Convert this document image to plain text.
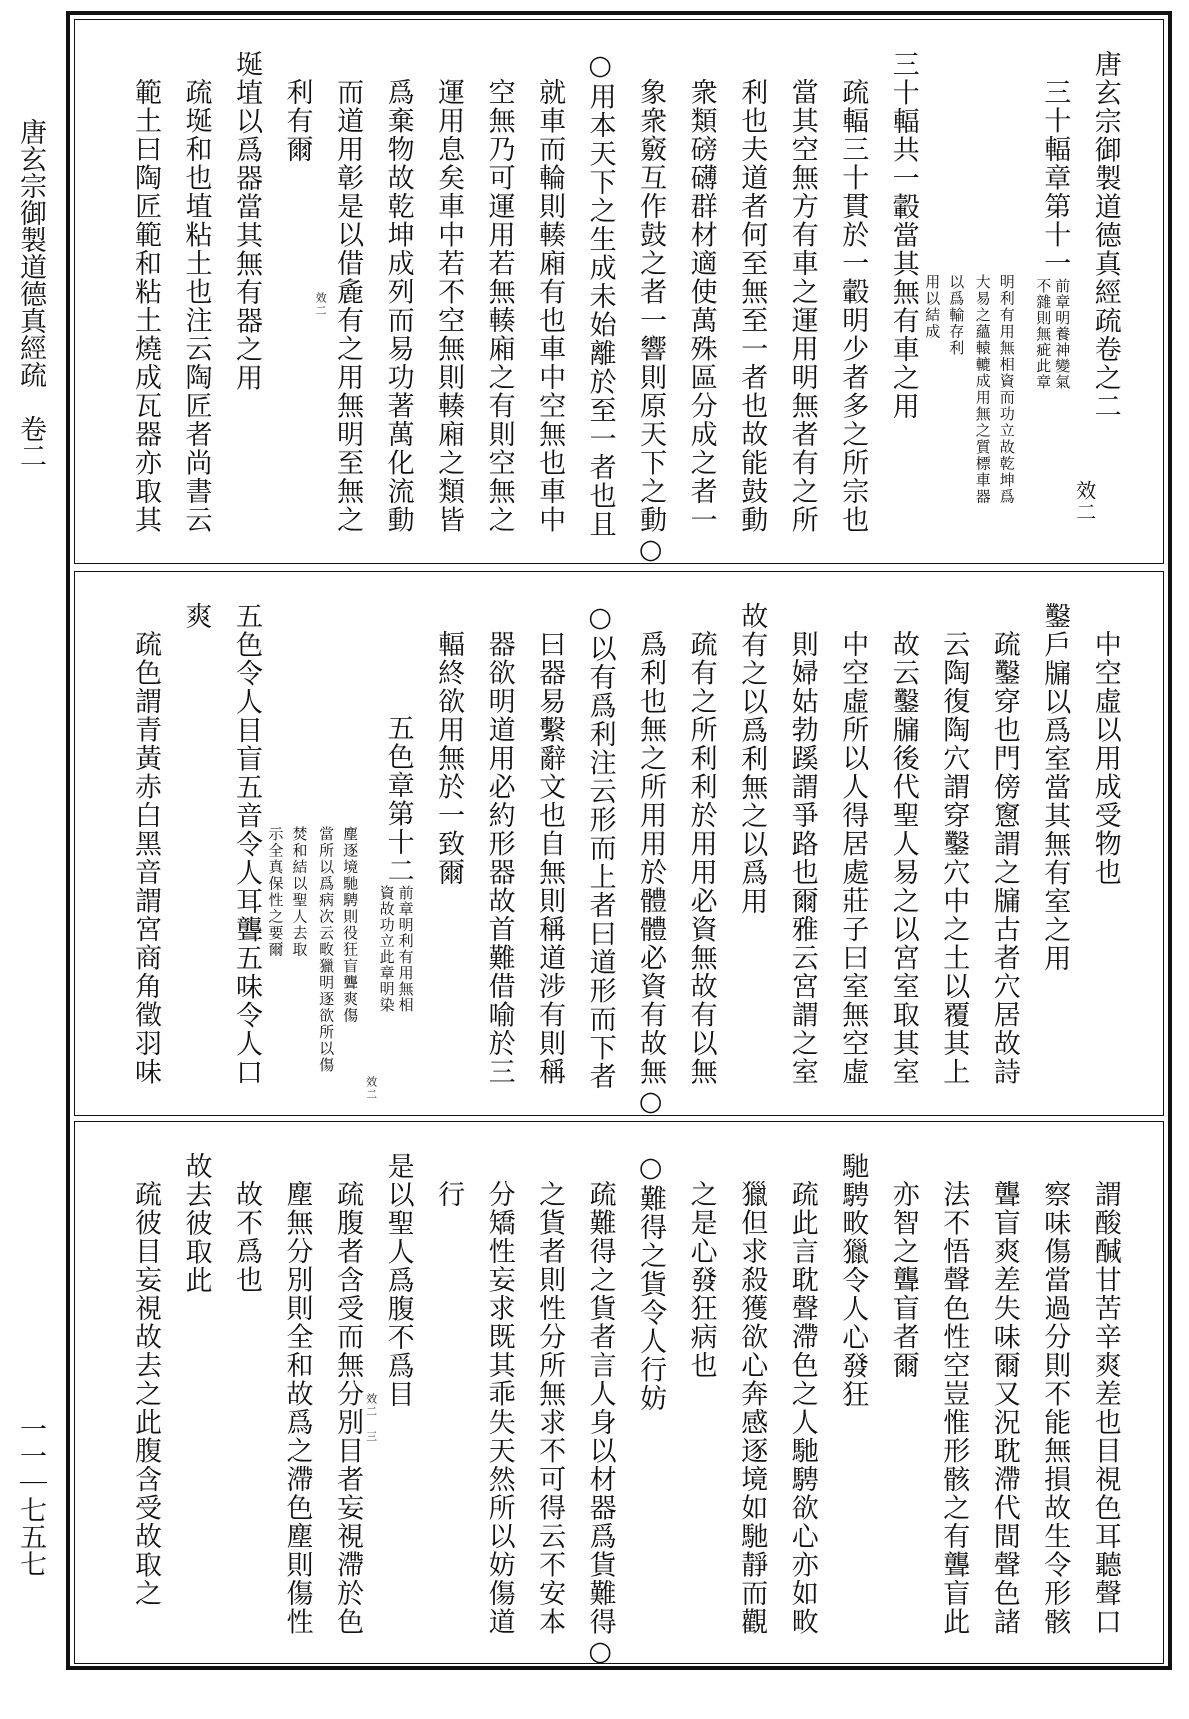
唐玄宗御製道德真經疏　卷二
一一｜七五七
唐玄宗御製道德真經疏卷之二
效二
三十輻章第十一
前章明養神變氣
不雜則無疵此章
明利有用無相資而功立故乾坤爲
大易之蘊轅轆成用無之質標車器
以爲輸存利
用以結成
三十輻共一轂當其無有車之用
疏輻三十貫於一轂明少者多之所宗也
當其空無方有車之運用明無者有之所
利也夫道者何至無至一者也故能鼓動
衆類磅礴群材適使萬殊區分成之者一
象衆竅互作鼓之者一響則原天下之動○
○用本天下之生成未始離於至一者也且
就車而輪則輳廂有也車中空無也車中
空無乃可運用若無輳廂之有則空無之
運用息矣車中若不空無則輳廂之類皆
爲棄物故乾坤成列而易功著萬化流動
而道用彰是以借麁有之用無明至無之
效二
利有爾
埏埴以爲器當其無有器之用
疏埏和也埴粘土也注云陶匠者尚書云
範土曰陶匠範和粘土燒成瓦器亦取其
中空虛以用成受物也
鑿戶牖以爲室當其無有室之用
疏鑿穿也門傍窻謂之牖古者穴居故詩
云陶復陶穴謂穿鑿穴中之土以覆其上
故云鑿牖後代聖人易之以宮室取其室
中空虛所以人得居處莊子曰室無空虛
則婦姑勃蹊謂爭路也爾雅云宮謂之室
故有之以爲利無之以爲用
疏有之所利利於用用必資無故有以無
爲利也無之所用用於體體必資有故無○
○以有爲利注云形而上者曰道形而下者
曰器易繫辭文也自無則稱道涉有則稱
器欲明道用必約形器故首難借喻於三
輻終欲用無於一致爾
五色章第十二
前章明利有用無相
資故功立此章明染
效二
塵逐境馳騁則役狂盲聾爽傷
當所以爲病次云畋獵明逐欲所以傷
焚和結以聖人去取
示全真保性之要爾
五色令人目盲五音令人耳聾五味令人口
爽
疏色謂青黃赤白黑音謂宮商角徵羽味
謂酸醎甘苦辛爽差也目視色耳聽聲口
察味傷當過分則不能無損故生令形骸
聾盲爽差失味爾又況耽滯代間聲色諸
法不悟聲色性空豈惟形骸之有聾盲此
亦智之聾盲者爾
馳騁畋獵令人心發狂
疏此言耽聲滯色之人馳騁欲心亦如畋
獵但求殺獲欲心奔感逐境如馳靜而觀
之是心發狂病也
○難得之貨令人行妨
疏難得之貨者言人身以材器爲貨難得○
之貨者則性分所無求不可得云不安本
分矯性妄求既其乖失天然所以妨傷道
行
是以聖人爲腹不爲目
效二　三
疏腹者含受而無分別目者妄視滯於色
塵無分別則全和故爲之滯色塵則傷性
故不爲也
故去彼取此
疏彼目妄視故去之此腹含受故取之
